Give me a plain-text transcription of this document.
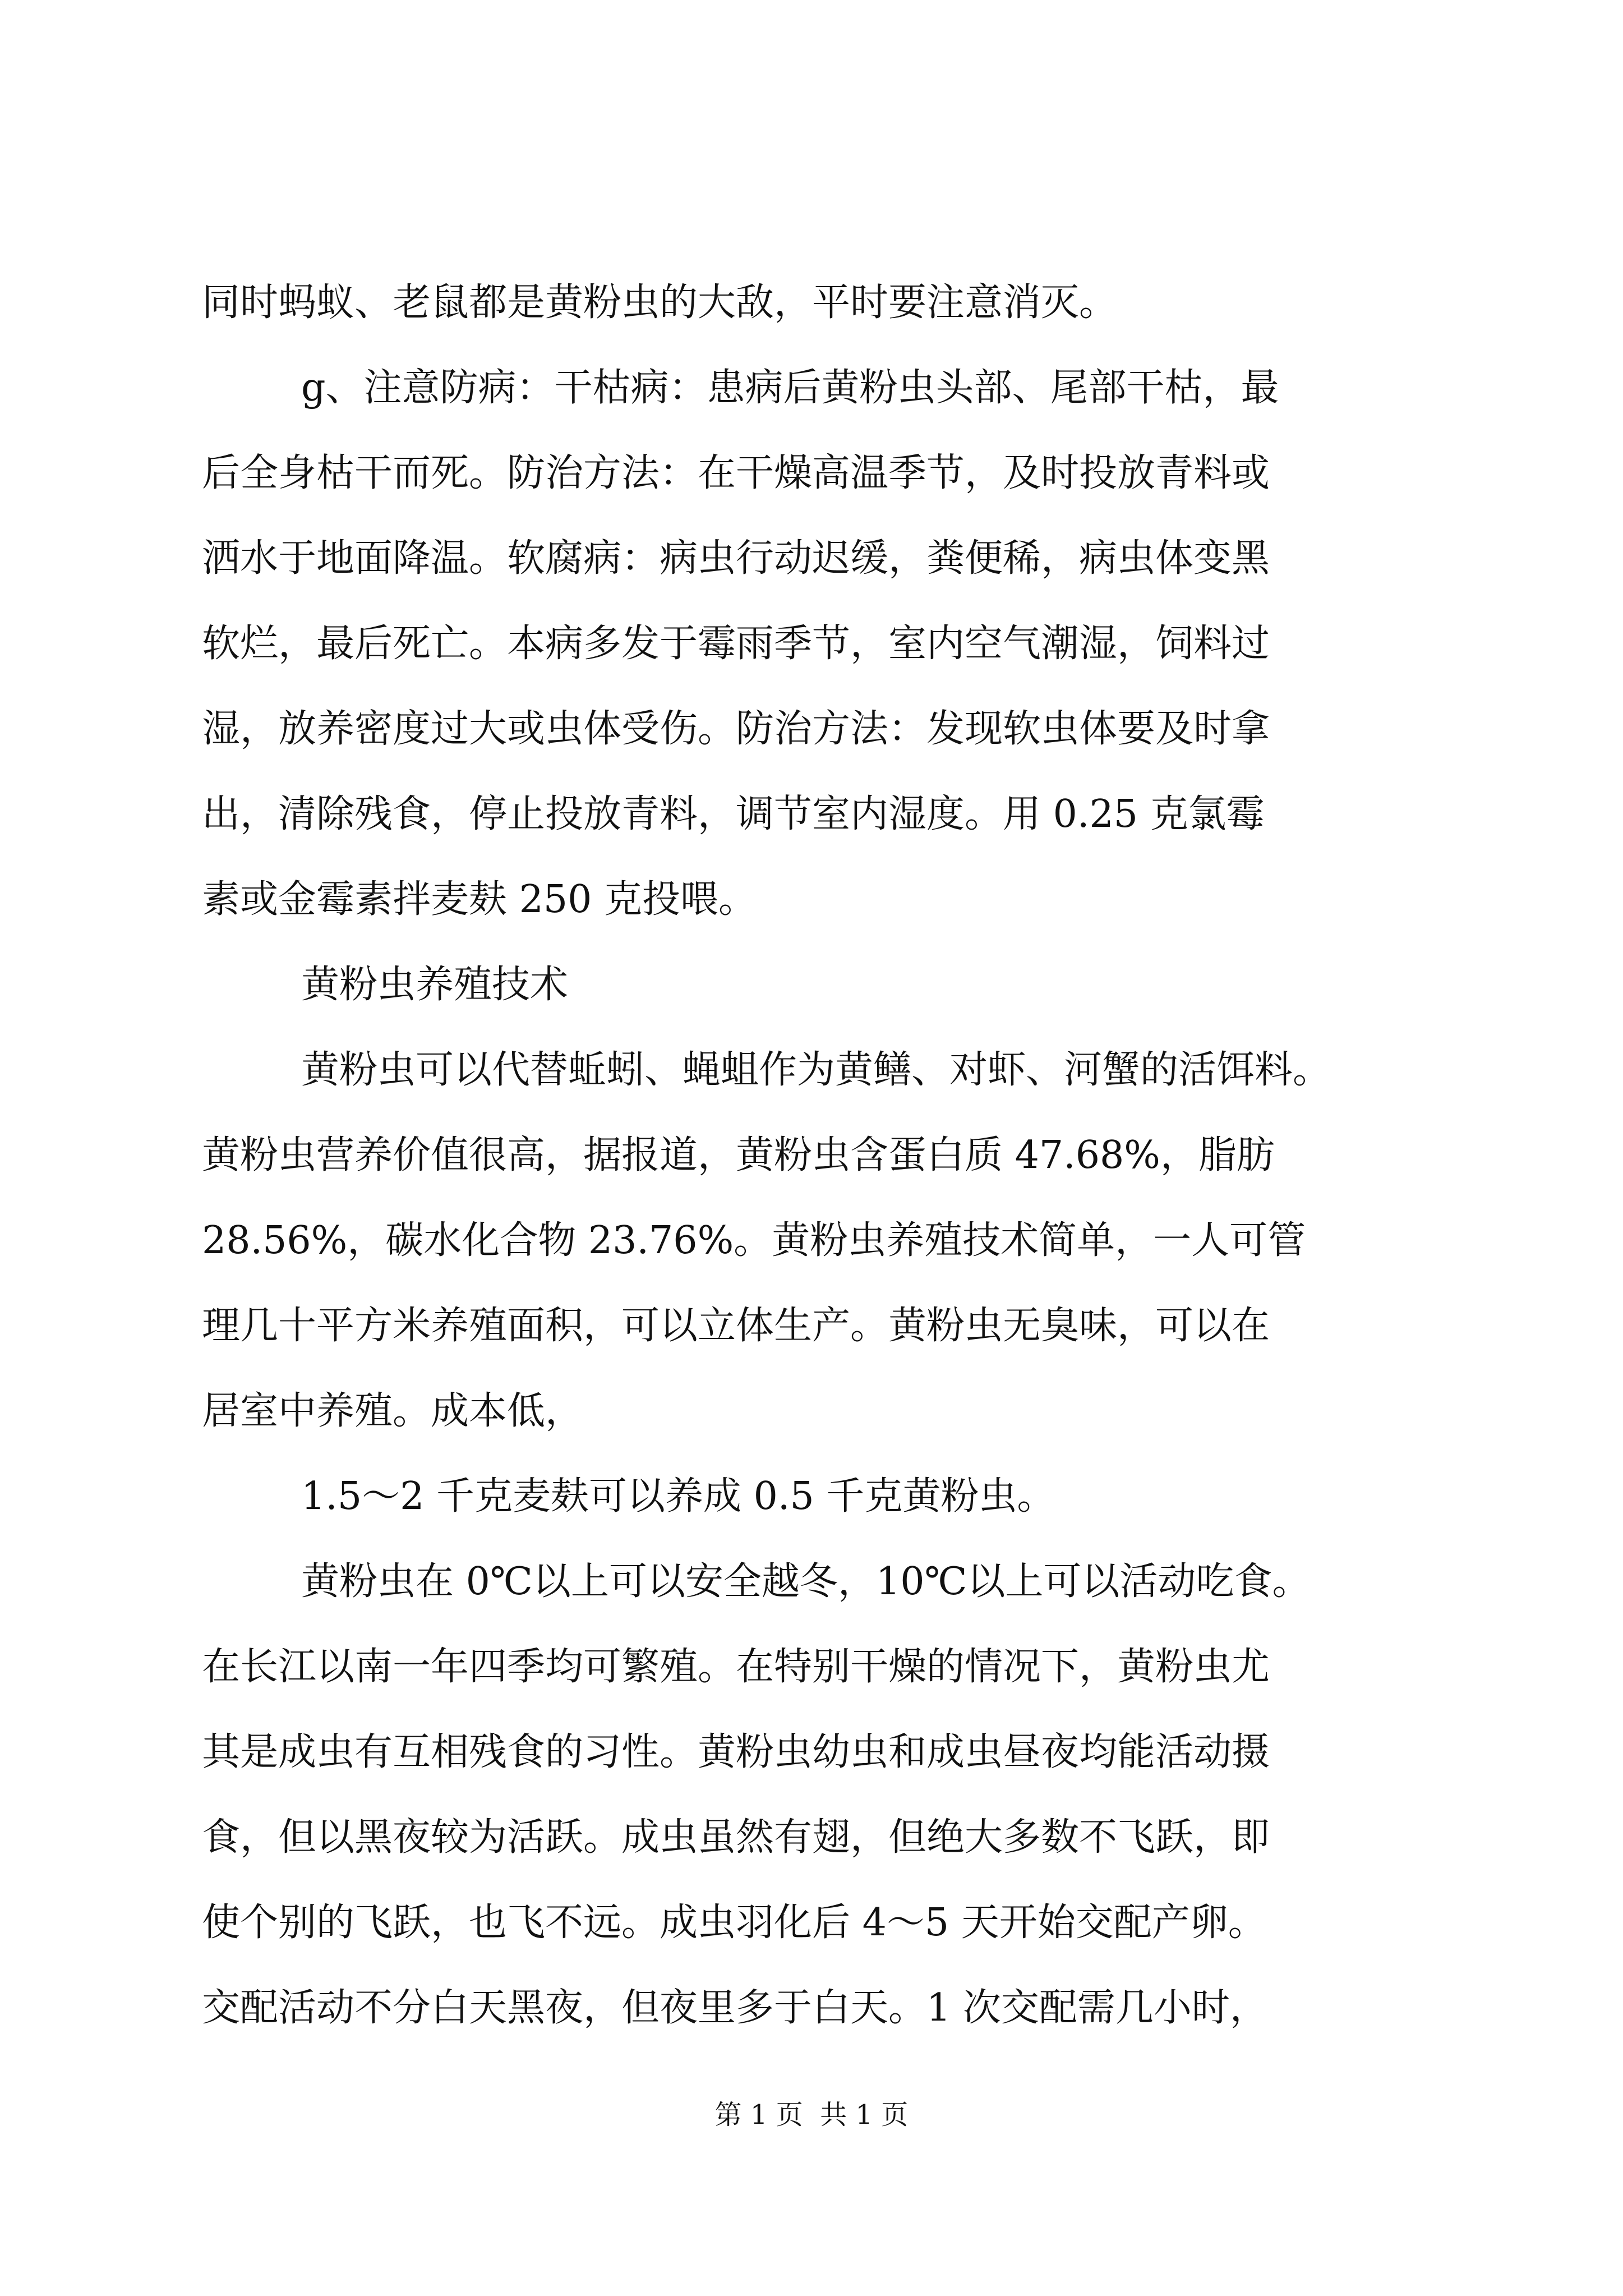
同时蚂蚁、老鼠都是黄粉虫的大敌，平时要注意消灭。
g、注意防病：干枯病：患病后黄粉虫头部、尾部干枯，最
后全身枯干而死。防治方法：在干燥高温季节，及时投放青料或
洒水于地面降温。软腐病：病虫行动迟缓，粪便稀，病虫体变黑
软烂，最后死亡。本病多发于霉雨季节，室内空气潮湿，饲料过
湿，放养密度过大或虫体受伤。防治方法：发现软虫体要及时拿
出，清除残食，停止投放青料，调节室内湿度。用 0.25 克氯霉
素或金霉素拌麦麸 250 克投喂。
黄粉虫养殖技术
黄粉虫可以代替蚯蚓、蝇蛆作为黄鳝、对虾、河蟹的活饵料。
黄粉虫营养价值很高，据报道，黄粉虫含蛋白质 47.68%，脂肪
28.56%，碳水化合物 23.76%。黄粉虫养殖技术简单，一人可管
理几十平方米养殖面积，可以立体生产。黄粉虫无臭味，可以在
居室中养殖。成本低，
1.5～2 千克麦麸可以养成 0.5 千克黄粉虫。
黄粉虫在 0℃以上可以安全越冬，10℃以上可以活动吃食。
在长江以南一年四季均可繁殖。在特别干燥的情况下，黄粉虫尤
其是成虫有互相残食的习性。黄粉虫幼虫和成虫昼夜均能活动摄
食，但以黑夜较为活跃。成虫虽然有翅，但绝大多数不飞跃，即
使个别的飞跃，也飞不远。成虫羽化后 4～5 天开始交配产卵。
交配活动不分白天黑夜，但夜里多于白天。1 次交配需几小时，
第 1 页  共 1 页
